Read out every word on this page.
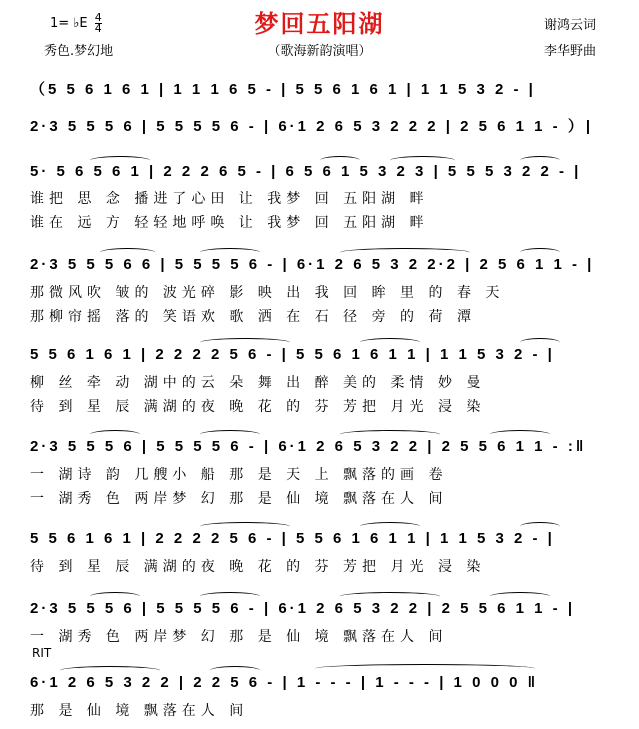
梦回五阳湖
（歌海新韵演唱）
1= ♭E $\frac{4}{4}$
秀色.梦幻地
谢鸿云词
李华野曲
（5 5 6 1 6 1 | 1 1 1 6 5 - | 5 5 6 1 6 1 | 1 1 5 3 2 - |
2·3 5 5 5 6 | 5 5 5 5 6 - | 6·1 2 6 5 3 2 2 2 | 2 5 6 1 1 - ）|
5· 5 6 5 6 1 | 2 2 2 6 5 - | 6 5 6 1 5 3 2 3 | 5 5 5 3 2 2 - |
谁把 思 念 播进了心田 让 我梦 回 五阳湖 畔
谁在 远 方 轻轻地呼唤 让 我梦 回 五阳湖 畔
2·3 5 5 5 6 6 | 5 5 5 5 6 - | 6·1 2 6 5 3 2 2·2 | 2 5 6 1 1 - |
那微风吹 皱的 波光碎 影 映 出 我 回 眸 里 的 春 天
那柳帘摇 落的 笑语欢 歌 洒 在 石 径 旁 的 荷 潭
5 5 6 1 6 1 | 2 2 2 2 5 6 - | 5 5 6 1 6 1 1 | 1 1 5 3 2 - |
柳 丝 牵 动 湖中的云 朵 舞 出 醉 美的 柔情 妙 曼
待 到 星 辰 满湖的夜 晚 花 的 芬 芳把 月光 浸 染
2·3 5 5 5 6 | 5 5 5 5 6 - | 6·1 2 6 5 3 2 2 | 2 5 5 6 1 1 - :‖
一 湖诗 韵 几艘小 船 那 是 天 上 飘落的画 卷
一 湖秀 色 两岸梦 幻 那 是 仙 境 飘落在人 间
5 5 6 1 6 1 | 2 2 2 2 5 6 - | 5 5 6 1 6 1 1 | 1 1 5 3 2 - |
待 到 星 辰 满湖的夜 晚 花 的 芬 芳把 月光 浸 染
2·3 5 5 5 6 | 5 5 5 5 6 - | 6·1 2 6 5 3 2 2 | 2 5 5 6 1 1 - |
一 湖秀 色 两岸梦 幻 那 是 仙 境 飘落在人 间
RIT
6·1 2 6 5 3 2 2 | 2 2 5 6 - | 1 - - - | 1 - - - | 1 0 0 0 ‖
那 是 仙 境 飘落在人 间
